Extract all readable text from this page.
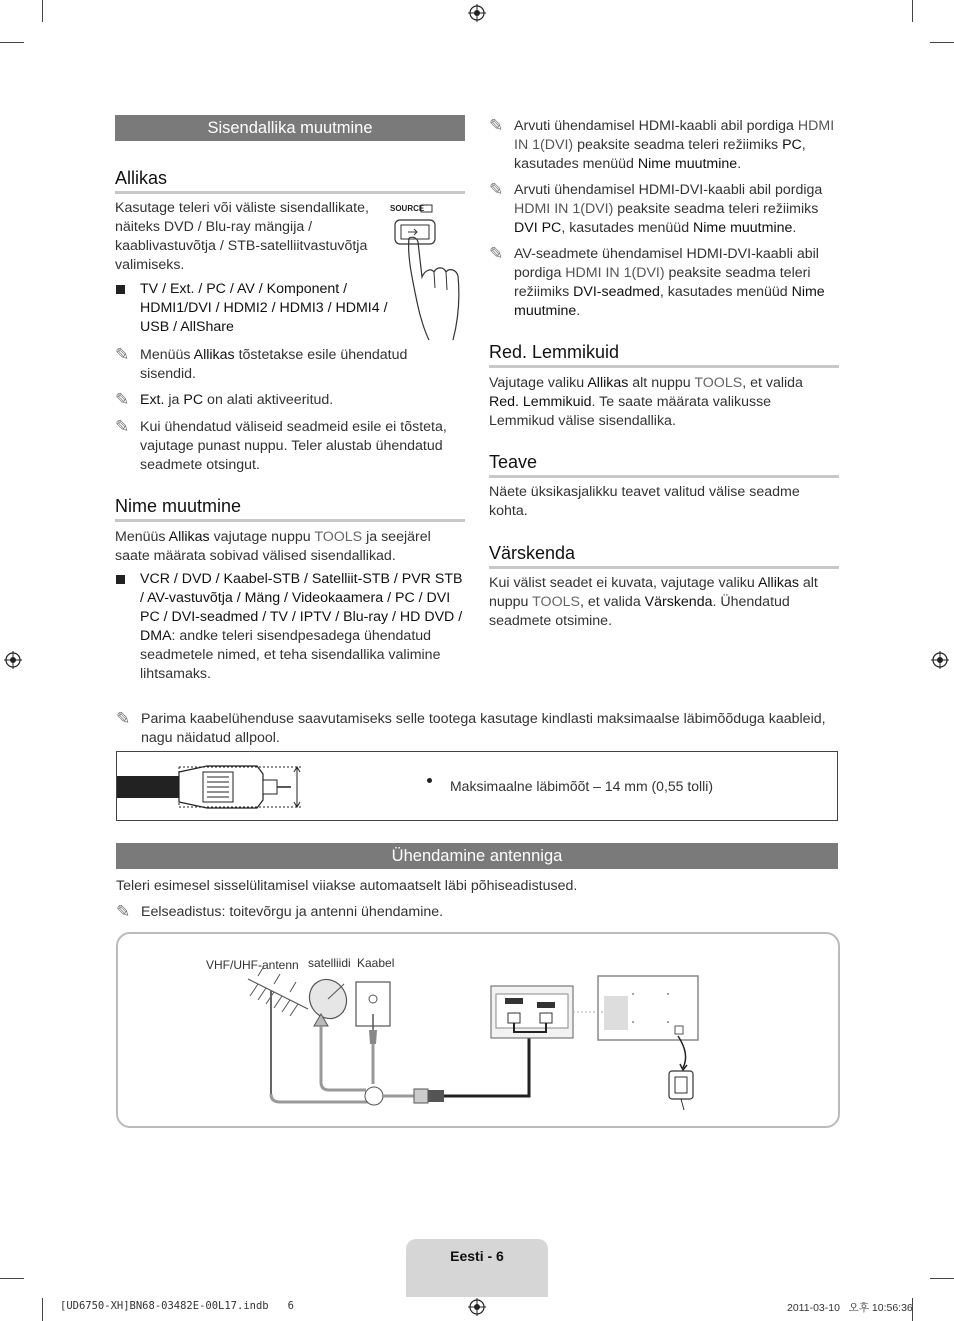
Sisendallika muutmine
Allikas
Kasutage teleri või väliste sisendallikate, näiteks DVD / Blu-ray mängija / kaablivastuvõtja / STB-satelliitvastuvõtja valimiseks.
SOURCE
TV / Ext. / PC / AV / Komponent / HDMI1/DVI / HDMI2 / HDMI3 / HDMI4 / USB / AllShare
✎ Menüüs Allikas tõstetakse esile ühendatud sisendid.
✎ Ext. ja PC on alati aktiveeritud.
✎ Kui ühendatud väliseid seadmeid esile ei tõsteta, vajutage punast nuppu. Teler alustab ühendatud seadmete otsingut.
Nime muutmine
Menüüs Allikas vajutage nuppu TOOLS ja seejärel saate määrata sobivad välised sisendallikad.
VCR / DVD / Kaabel-STB / Satelliit-STB / PVR STB / AV-vastuvõtja / Mäng / Videokaamera / PC / DVI PC / DVI-seadmed / TV / IPTV / Blu-ray / HD DVD / DMA: andke teleri sisendpesadega ühendatud seadmetele nimed, et teha sisendallika valimine lihtsamaks.
✎ Arvuti ühendamisel HDMI-kaabli abil pordiga HDMI IN 1(DVI) peaksite seadma teleri režiimiks PC, kasutades menüüd Nime muutmine.
✎ Arvuti ühendamisel HDMI-DVI-kaabli abil pordiga HDMI IN 1(DVI) peaksite seadma teleri režiimiks DVI PC, kasutades menüüd Nime muutmine.
✎ AV-seadmete ühendamisel HDMI-DVI-kaabli abil pordiga HDMI IN 1(DVI) peaksite seadma teleri režiimiks DVI-seadmed, kasutades menüüd Nime muutmine.
Red. Lemmikuid
Vajutage valiku Allikas alt nuppu TOOLS, et valida Red. Lemmikuid. Te saate määrata valikusse Lemmikud välise sisendallika.
Teave
Näete üksikasjalikku teavet valitud välise seadme kohta.
Värskenda
Kui välist seadet ei kuvata, vajutage valiku Allikas alt nuppu TOOLS, et valida Värskenda. Ühendatud seadmete otsimine.
✎ Parima kaabelühenduse saavutamiseks selle tootega kasutage kindlasti maksimaalse läbimõõduga kaableid, nagu näidatud allpool.
Maksimaalne läbimõõt – 14 mm (0,55 tolli)
Ühendamine antenniga
Teleri esimesel sisselülitamisel viiakse automaatselt läbi põhiseadistused.
✎ Eelseadistus: toitevõrgu ja antenni ühendamine.
VHF/UHF-antenn satelliidi Kaabel
Eesti - 6
[UD6750-XH]BN68-03482E-00L17.indb   6	2011-03-10   오후 10:56:36
